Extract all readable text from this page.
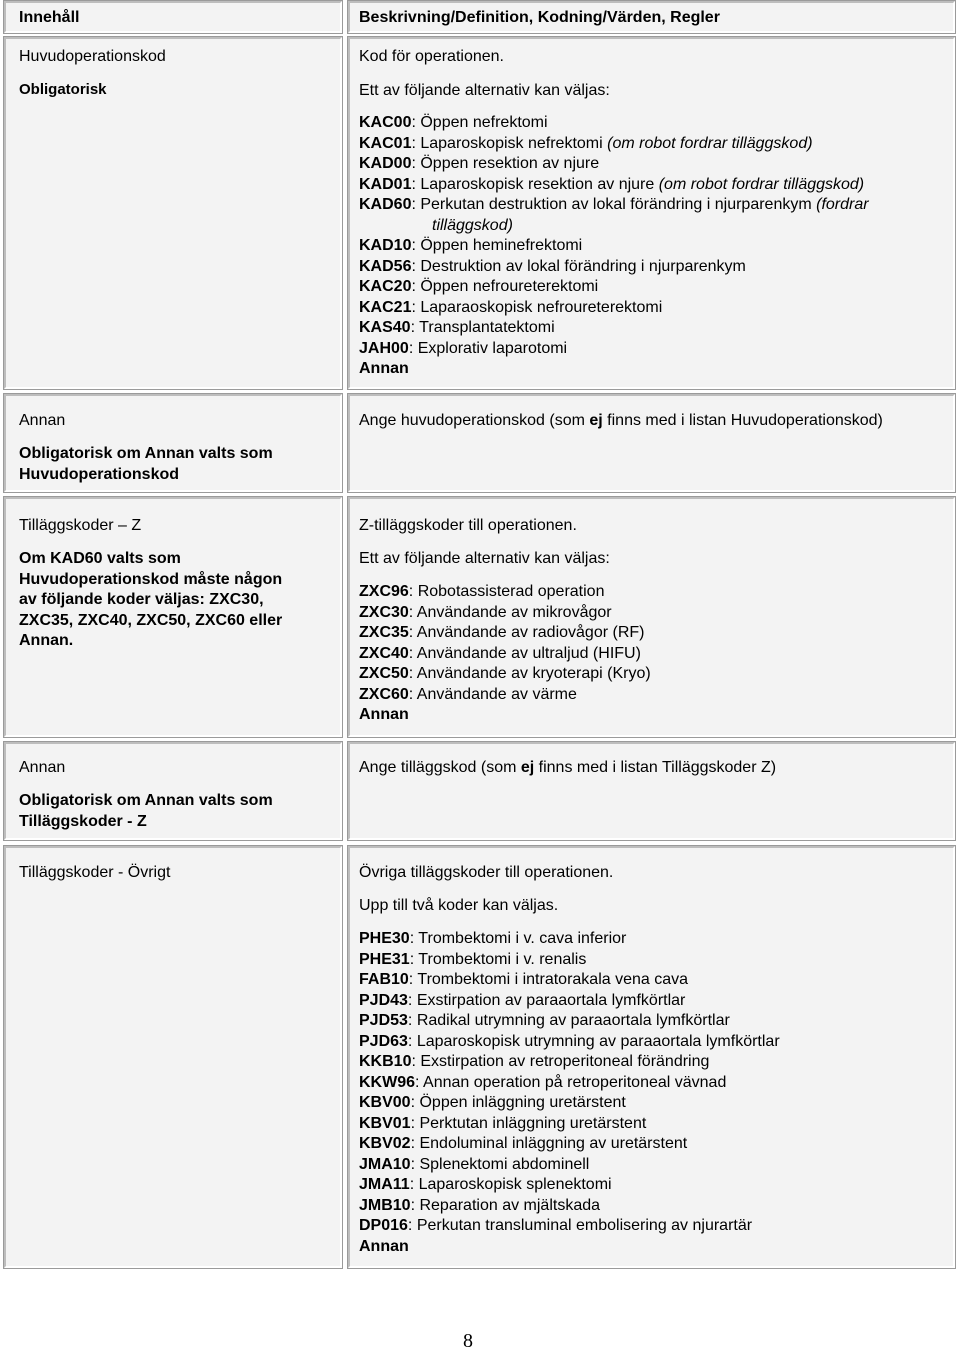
Innehåll	Beskrivning/Definition, Kodning/Värden, Regler
Huvudoperationskod
Obligatorisk
Kod för operationen.
Ett av följande alternativ kan väljas:
KAC00: Öppen nefrektomi
KAC01: Laparoskopisk nefrektomi (om robot fordrar tilläggskod)
KAD00: Öppen resektion av njure
KAD01: Laparoskopisk resektion av njure (om robot fordrar tilläggskod)
KAD60: Perkutan destruktion av lokal förändring i njurparenkym (fordrar
tilläggskod)
KAD10: Öppen heminefrektomi
KAD56: Destruktion av lokal förändring i njurparenkym
KAC20: Öppen nefroureterektomi
KAC21: Laparaoskopisk nefroureterektomi
KAS40: Transplantatektomi
JAH00: Explorativ laparotomi
Annan
Annan
Obligatorisk om Annan valts som
Huvudoperationskod
Ange huvudoperationskod (som ej finns med i listan Huvudoperationskod)
Tilläggskoder – Z
Om KAD60 valts som
Huvudoperationskod måste någon
av följande koder väljas: ZXC30,
ZXC35, ZXC40, ZXC50, ZXC60 eller
Annan.
Z-tilläggskoder till operationen.
Ett av följande alternativ kan väljas:
ZXC96: Robotassisterad operation
ZXC30: Användande av mikrovågor
ZXC35: Användande av radiovågor (RF)
ZXC40: Användande av ultraljud (HIFU)
ZXC50: Användande av kryoterapi (Kryo)
ZXC60: Användande av värme
Annan
Annan
Obligatorisk om Annan valts som
Tilläggskoder - Z
Ange tilläggskod (som ej finns med i listan Tilläggskoder Z)
Tilläggskoder - Övrigt	Övriga tilläggskoder till operationen.
Upp till två koder kan väljas.
PHE30: Trombektomi i v. cava inferior
PHE31: Trombektomi i v. renalis
FAB10: Trombektomi i intratorakala vena cava
PJD43: Exstirpation av paraaortala lymfkörtlar
PJD53: Radikal utrymning av paraaortala lymfkörtlar
PJD63: Laparoskopisk utrymning av paraaortala lymfkörtlar
KKB10: Exstirpation av retroperitoneal förändring
KKW96: Annan operation på retroperitoneal vävnad
KBV00: Öppen inläggning uretärstent
KBV01: Perktutan inläggning uretärstent
KBV02: Endoluminal inläggning av uretärstent
JMA10: Splenektomi abdominell
JMA11: Laparoskopisk splenektomi
JMB10: Reparation av mjältskada
DP016: Perkutan transluminal embolisering av njurartär
Annan
8
